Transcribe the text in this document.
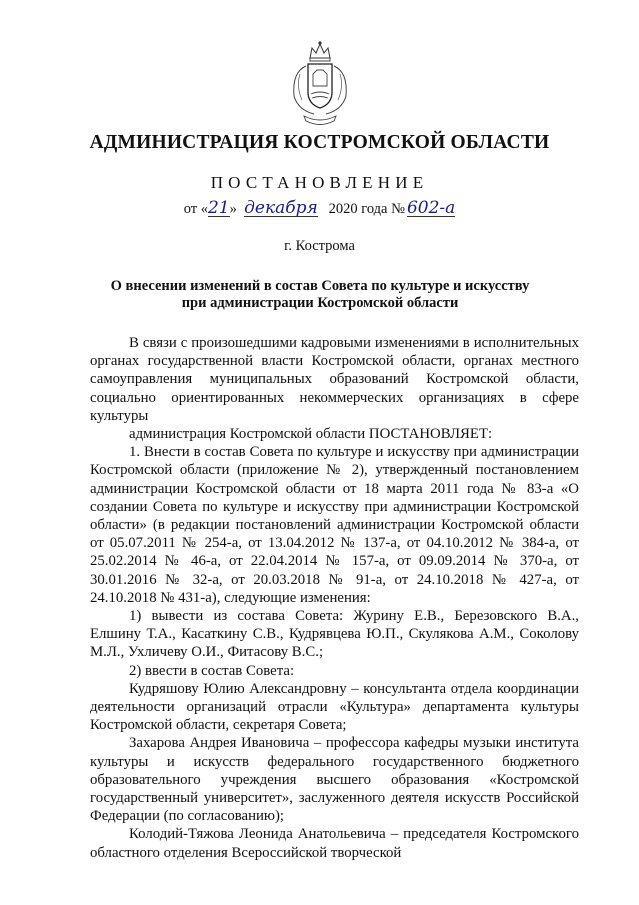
АДМИНИСТРАЦИЯ КОСТРОМСКОЙ ОБЛАСТИ
ПОСТАНОВЛЕНИЕ
от «21» декабря 2020 года № 602-а
г. Кострома
О внесении изменений в состав Совета по культуре и искусству
при администрации Костромской области

В связи с произошедшими кадровыми изменениями в исполнительных органах государственной власти Костромской области, органах местного самоуправления муниципальных образований Костромской области, социально ориентированных некоммерческих организациях в сфере культуры

администрация Костромской области ПОСТАНОВЛЯЕТ:

1. Внести в состав Совета по культуре и искусству при администрации Костромской области (приложение № 2), утвержденный постановлением администрации Костромской области от 18 марта 2011 года № 83-а «О создании Совета по культуре и искусству при администрации Костромской области» (в редакции постановлений администрации Костромской области от 05.07.2011 № 254-а, от 13.04.2012 № 137-а, от 04.10.2012 № 384-а, от 25.02.2014 № 46-а, от 22.04.2014 № 157-а, от 09.09.2014 № 370-а, от 30.01.2016 № 32-а, от 20.03.2018 № 91-а, от 24.10.2018 № 427-а, от 24.10.2018 № 431-а), следующие изменения:

1) вывести из состава Совета: Журину Е.В., Березовского В.А., Елшину Т.А., Касаткину С.В., Кудрявцева Ю.П., Скулякова А.М., Соколову М.Л., Ухличеву О.И., Фитасову В.С.;

2) ввести в состав Совета:

Кудряшову Юлию Александровну – консультанта отдела координации деятельности организаций отрасли «Культура» департамента культуры Костромской области, секретаря Совета;

Захарова Андрея Ивановича – профессора кафедры музыки института культуры и искусств федерального государственного бюджетного образовательного учреждения высшего образования «Костромской государственный университет», заслуженного деятеля искусств Российской Федерации (по согласованию);

Колодий-Тяжова Леонида Анатольевича – председателя Костромского областного отделения Всероссийской творческой
